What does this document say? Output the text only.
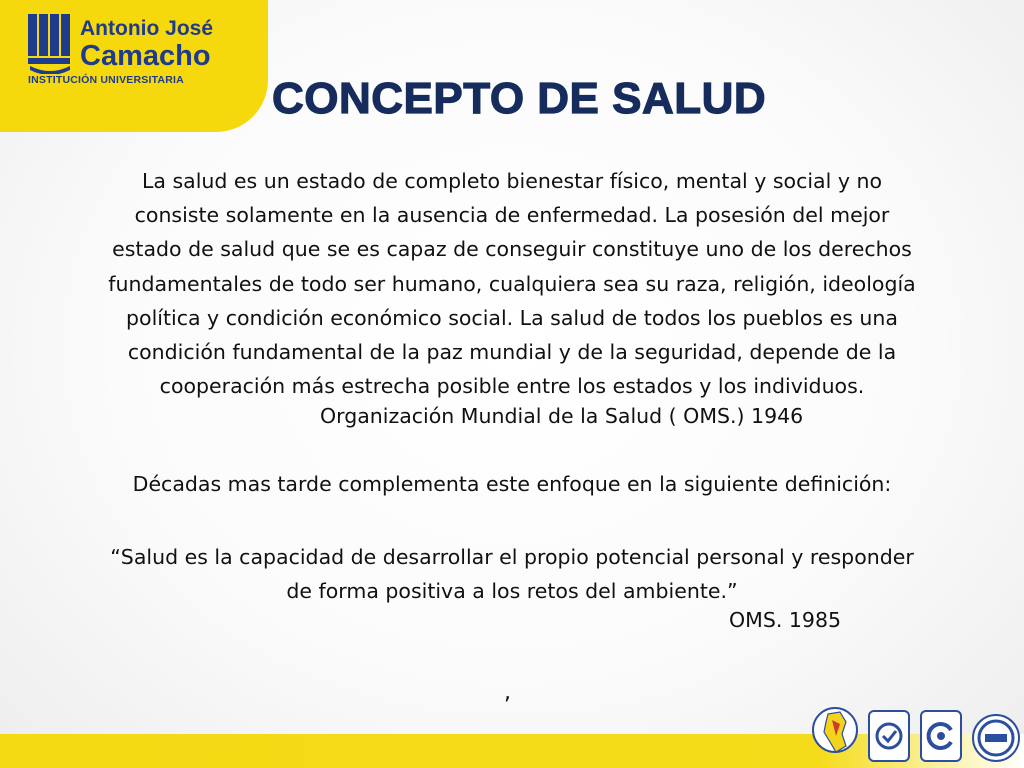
Antonio José
Camacho
INSTITUCIÓN UNIVERSITARIA CONCEPTO DE SALUD

La salud es un estado de completo bienestar físico, mental y social y no

consiste solamente en la ausencia de enfermedad. La posesión del mejor

estado de salud que se es capaz de conseguir constituye uno de los derechos

fundamentales de todo ser humano, cualquiera sea su raza, religión, ideología

política y condición económico social. La salud de todos los pueblos es una

condición fundamental de la paz mundial y de la seguridad, depende de la

cooperación más estrecha posible entre los estados y los individuos.

Organización Mundial de la Salud ( OMS.) 1946
Décadas mas tarde complementa este enfoque en la siguiente definición:

“Salud es la capacidad de desarrollar el propio potencial personal y responder

de forma positiva a los retos del ambiente.”

OMS. 1985
,
